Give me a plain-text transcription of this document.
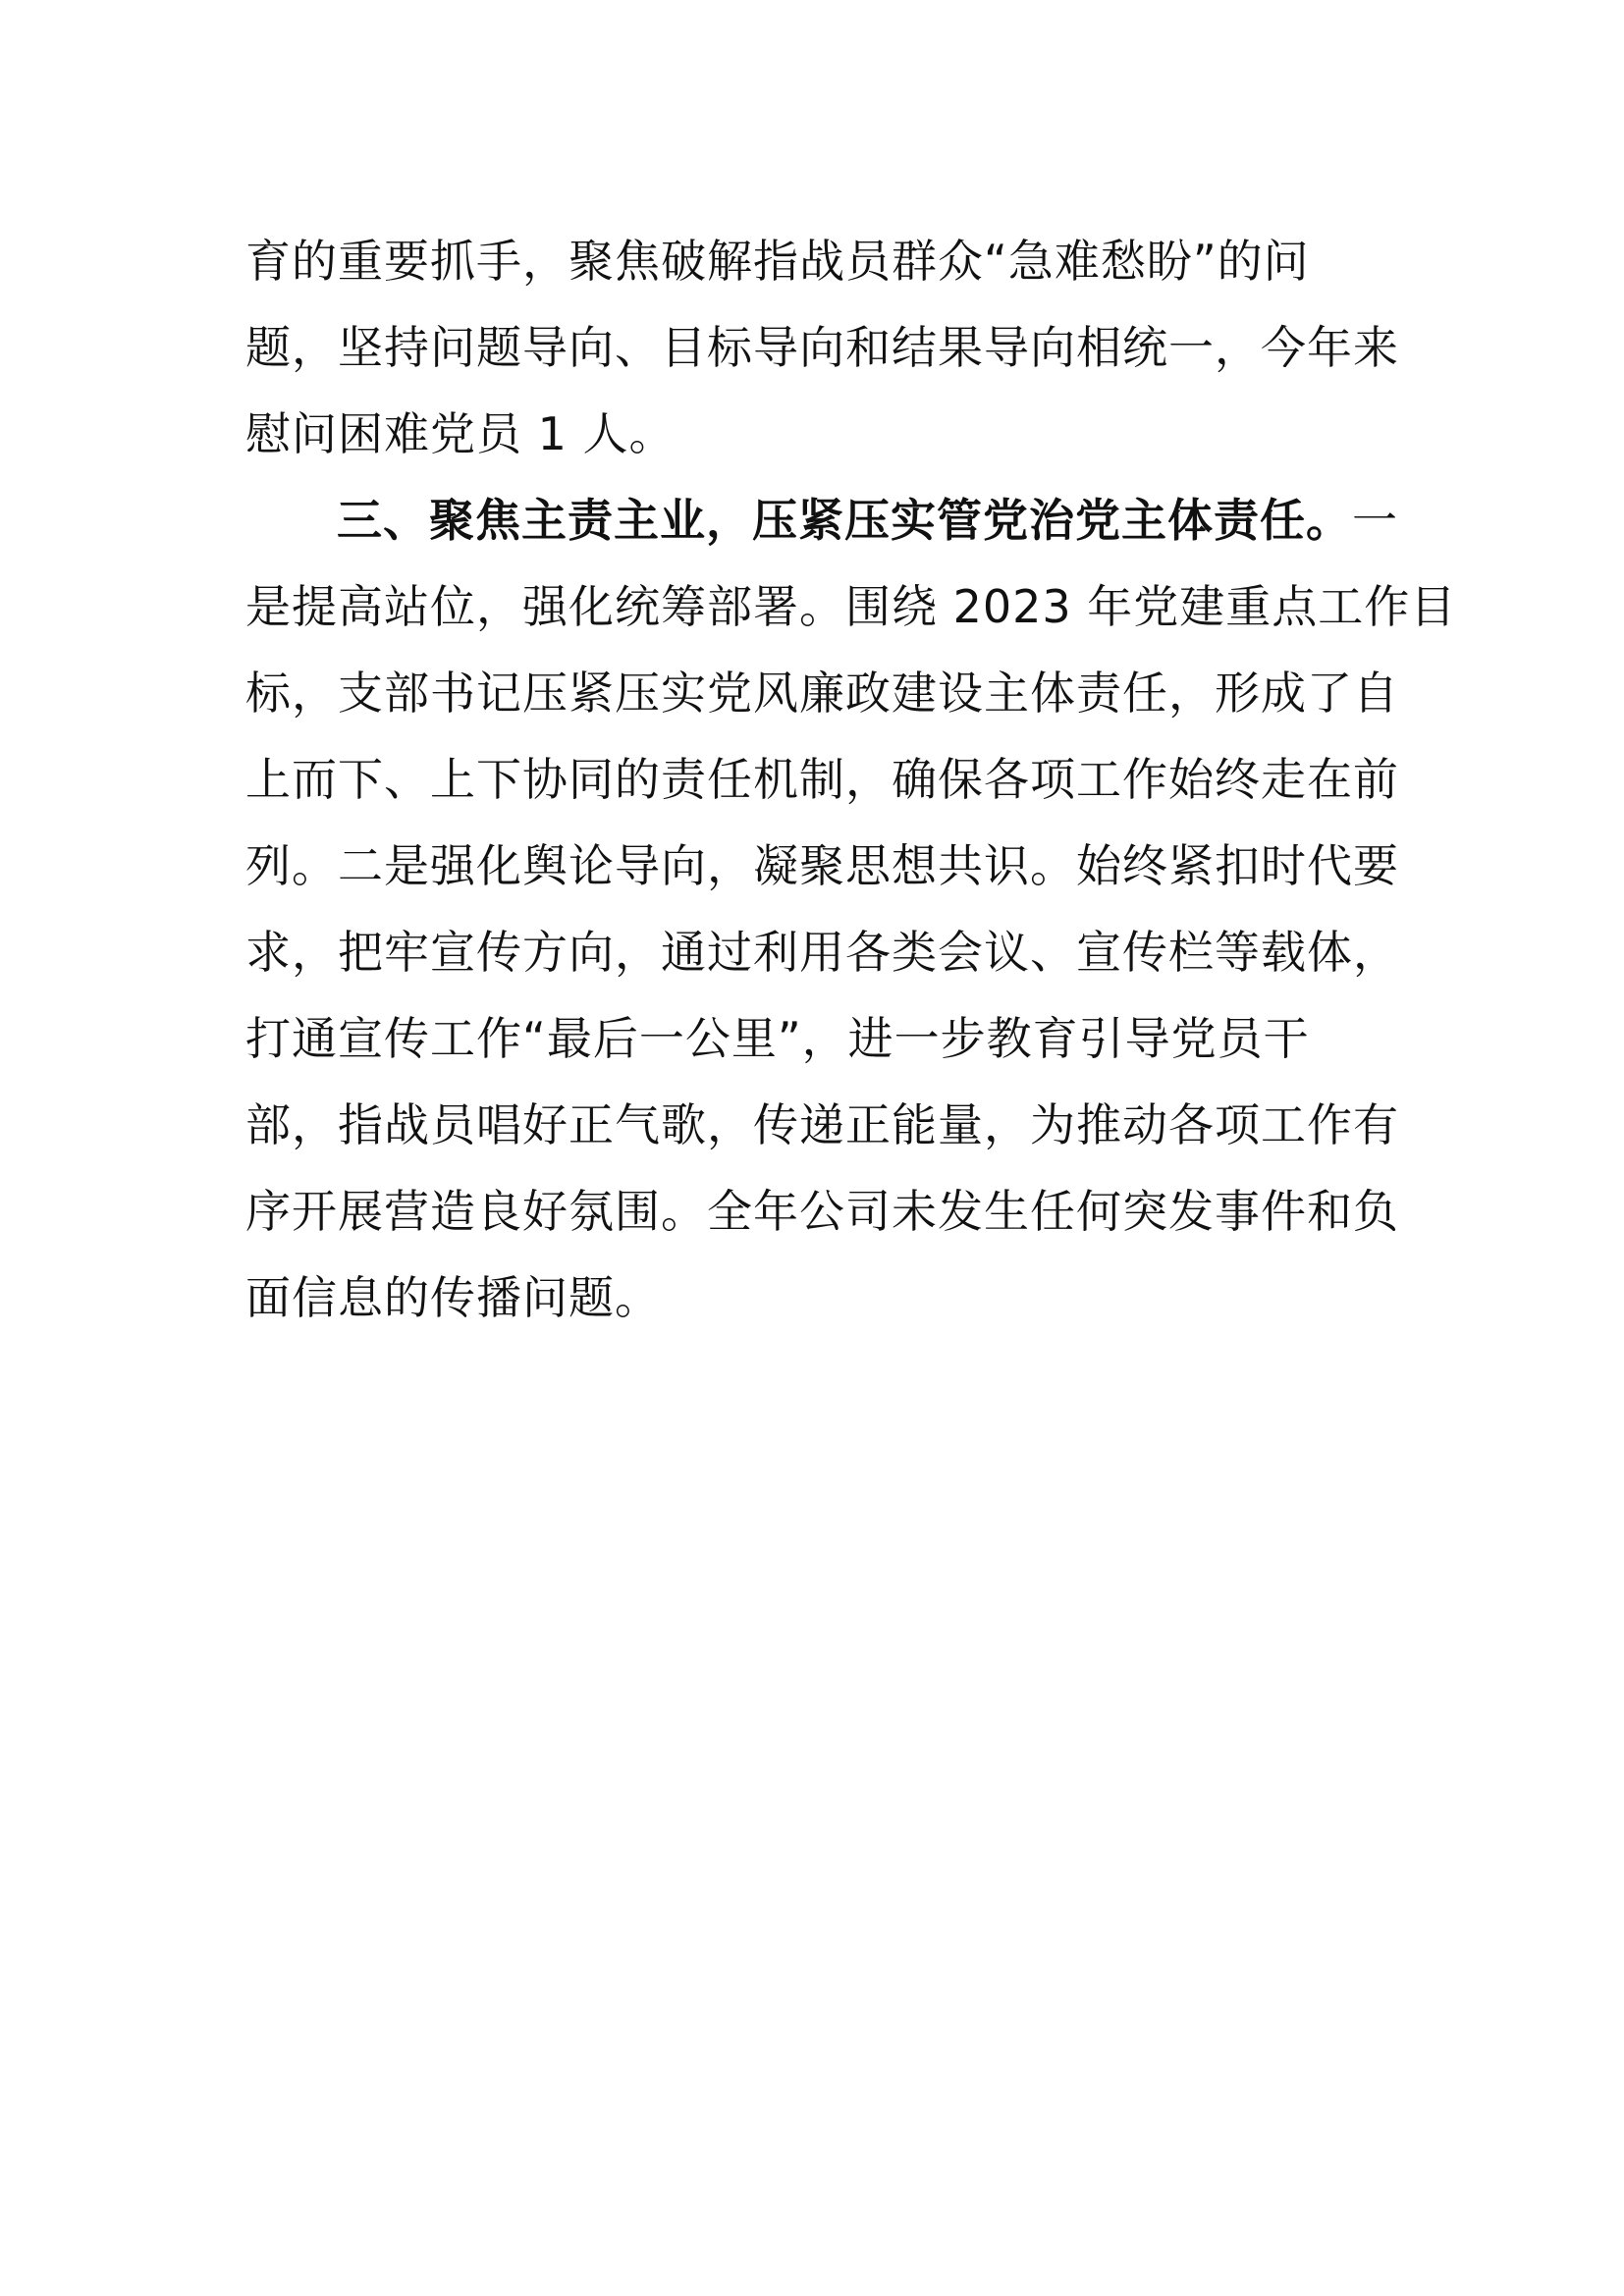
育的重要抓手，聚焦破解指战员群众“急难愁盼”的问
题，坚持问题导向、目标导向和结果导向相统一，今年来
慰问困难党员 1 人。
三、聚焦主责主业，压紧压实管党治党主体责任。一
是提高站位，强化统筹部署。围绕 2023 年党建重点工作目
标，支部书记压紧压实党风廉政建设主体责任，形成了自
上而下、上下协同的责任机制，确保各项工作始终走在前
列。二是强化舆论导向，凝聚思想共识。始终紧扣时代要
求，把牢宣传方向，通过利用各类会议、宣传栏等载体，
打通宣传工作“最后一公里”，进一步教育引导党员干
部，指战员唱好正气歌，传递正能量，为推动各项工作有
序开展营造良好氛围。全年公司未发生任何突发事件和负
面信息的传播问题。
